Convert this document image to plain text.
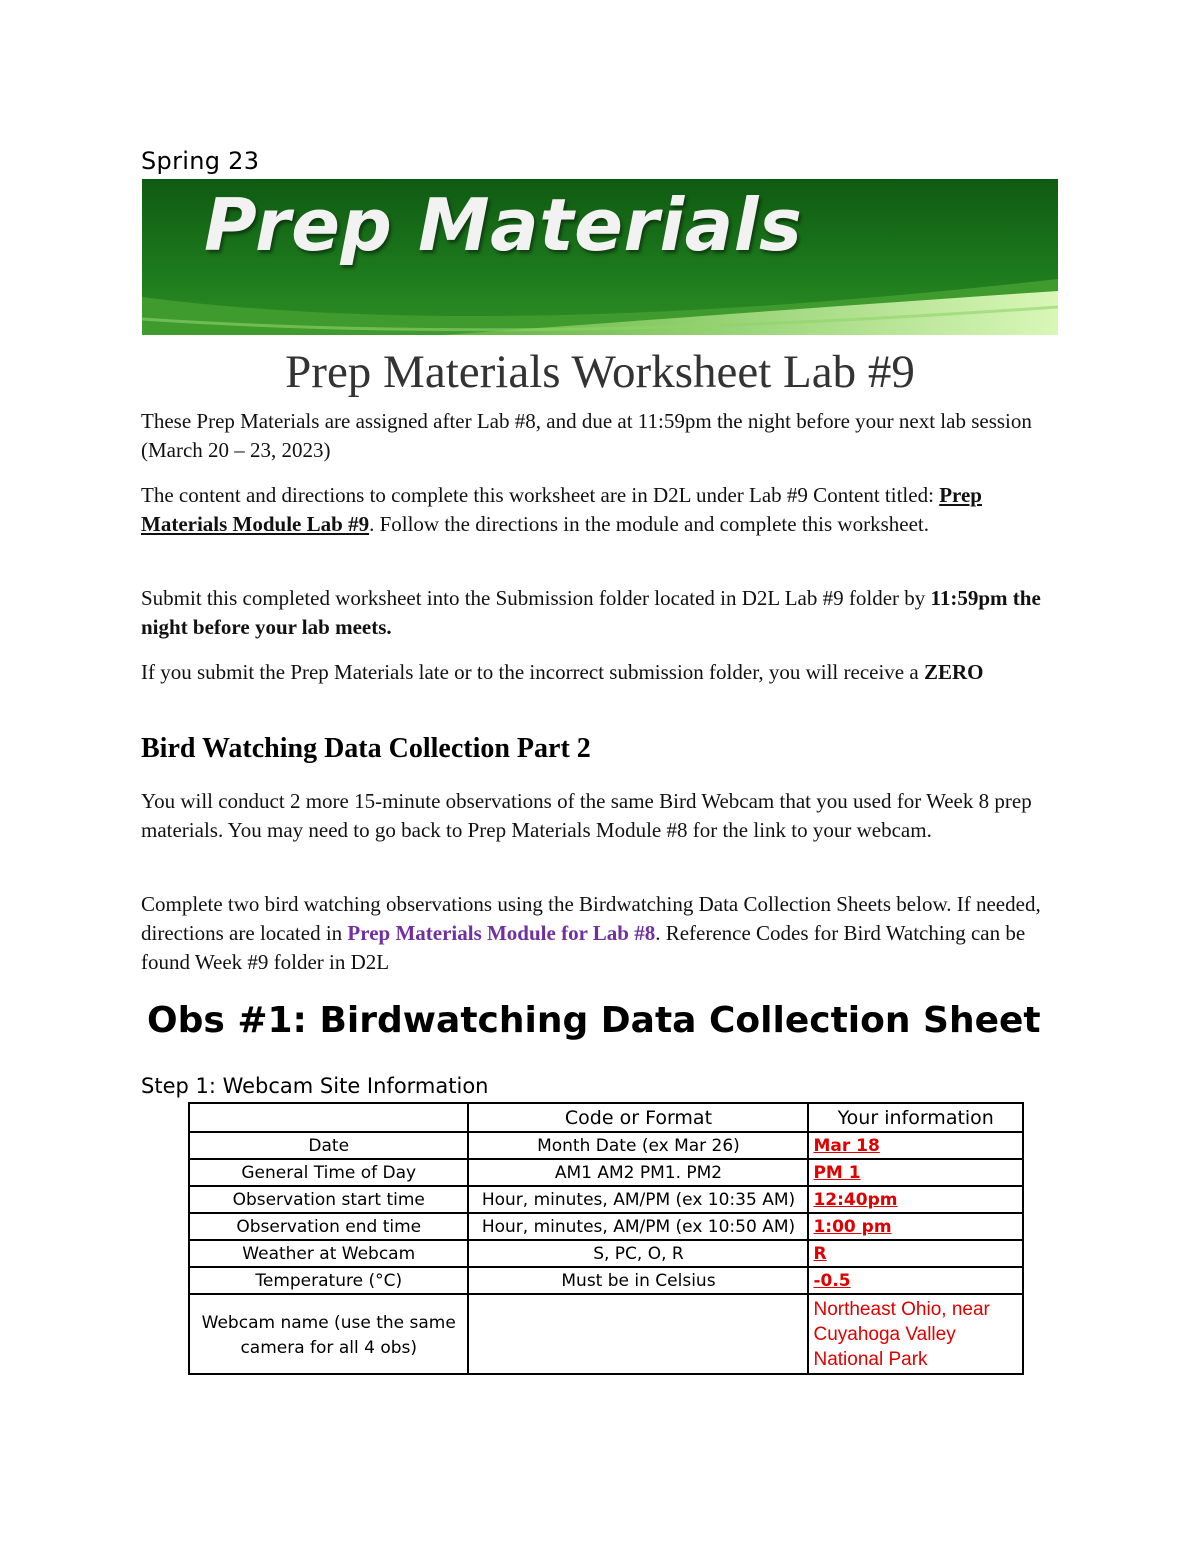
Spring 23
Prep Materials
Prep Materials Worksheet Lab #9
These Prep Materials are assigned after Lab #8, and due at 11:59pm the night before your next lab session (March 20 – 23, 2023)
The content and directions to complete this worksheet are in D2L under Lab #9 Content titled: Prep Materials Module Lab #9. Follow the directions in the module and complete this worksheet.
Submit this completed worksheet into the Submission folder located in D2L Lab #9 folder by 11:59pm the night before your lab meets.
If you submit the Prep Materials late or to the incorrect submission folder, you will receive a ZERO
Bird Watching Data Collection Part 2
You will conduct 2 more 15-minute observations of the same Bird Webcam that you used for Week 8 prep materials. You may need to go back to Prep Materials Module #8 for the link to your webcam.
Complete two bird watching observations using the Birdwatching Data Collection Sheets below. If needed, directions are located in Prep Materials Module for Lab #8. Reference Codes for Bird Watching can be found Week #9 folder in D2L
Obs #1: Birdwatching Data Collection Sheet
Step 1: Webcam Site Information
	Code or Format	Your information
Date	Month Date (ex Mar 26)	Mar 18
General Time of Day	AM1 AM2 PM1. PM2	PM 1
Observation start time	Hour, minutes, AM/PM (ex 10:35 AM)	12:40pm
Observation end time	Hour, minutes, AM/PM (ex 10:50 AM)	1:00 pm
Weather at Webcam	S, PC, O, R	R
Temperature (°C)	Must be in Celsius	-0.5
Webcam name (use the same camera for all 4 obs)		Northeast Ohio, near Cuyahoga Valley National Park
